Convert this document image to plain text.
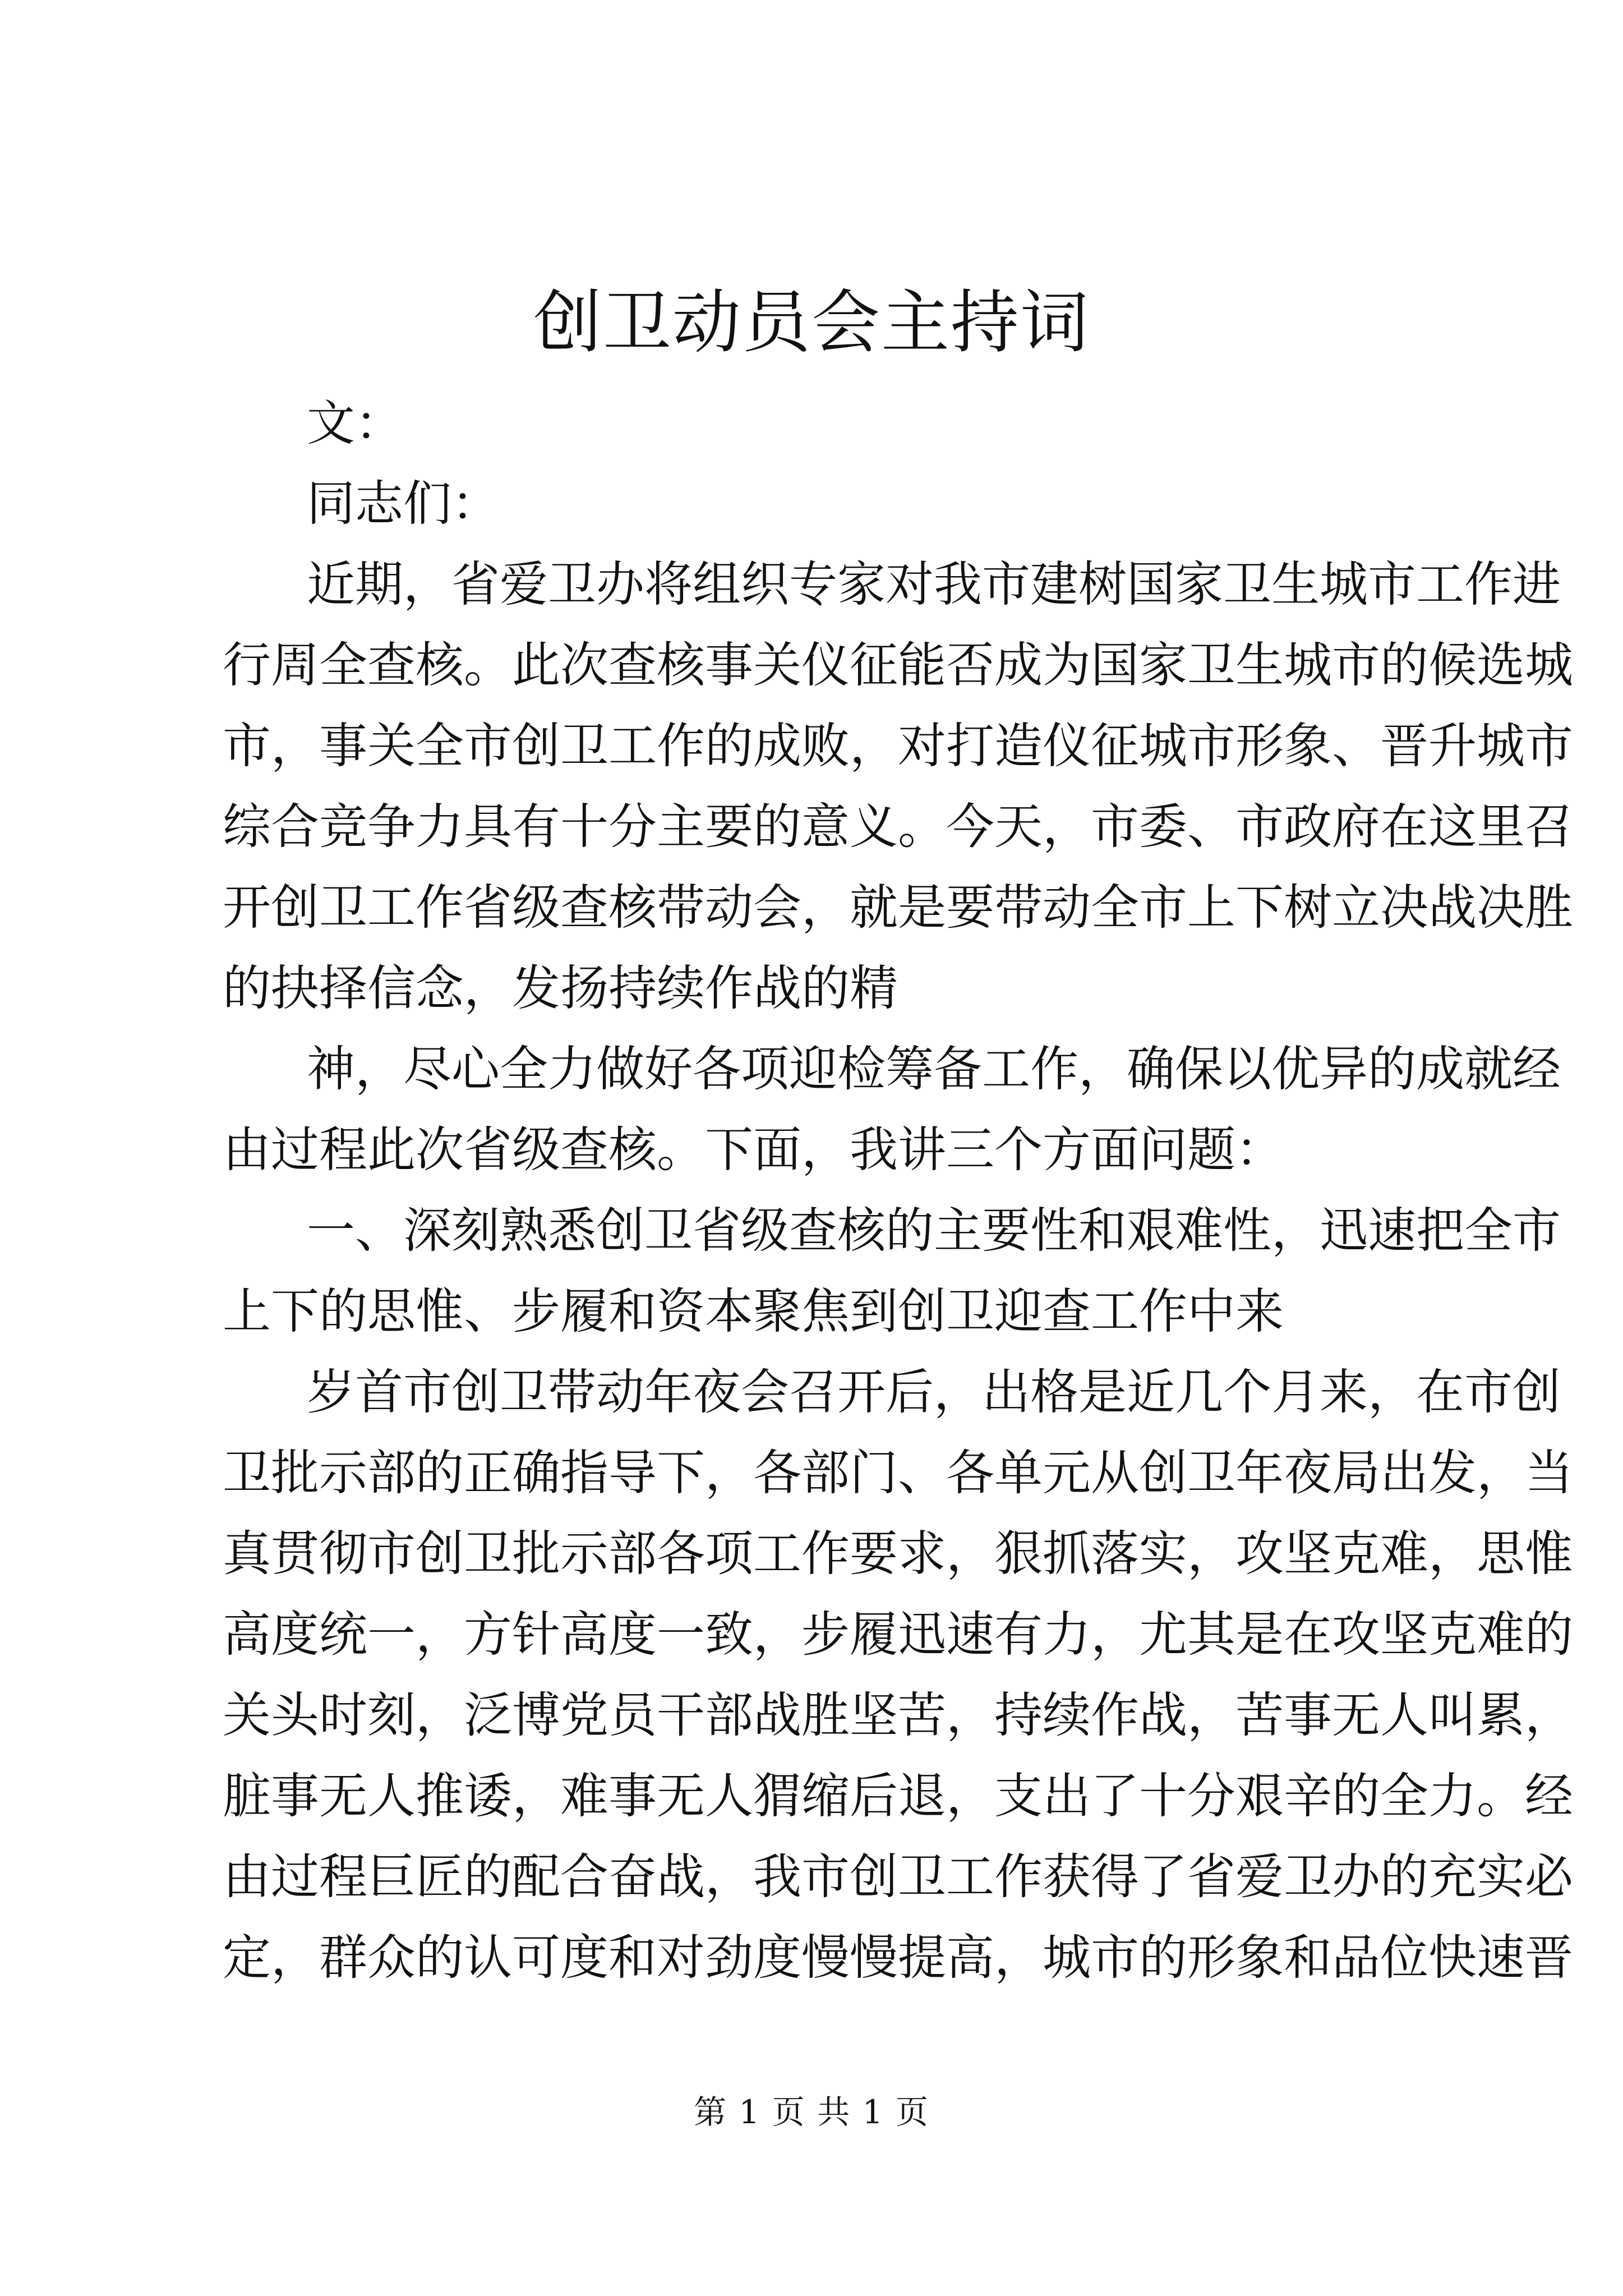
创卫动员会主持词
文：
同志们：
近期，省爱卫办将组织专家对我市建树国家卫生城市工作进
行周全查核。此次查核事关仪征能否成为国家卫生城市的候选城
市，事关全市创卫工作的成败，对打造仪征城市形象、晋升城市
综合竞争力具有十分主要的意义。今天，市委、市政府在这里召
开创卫工作省级查核带动会，就是要带动全市上下树立决战决胜
的抉择信念，发扬持续作战的精
神，尽心全力做好各项迎检筹备工作，确保以优异的成就经
由过程此次省级查核。下面，我讲三个方面问题：
一、深刻熟悉创卫省级查核的主要性和艰难性，迅速把全市
上下的思惟、步履和资本聚焦到创卫迎查工作中来
岁首市创卫带动年夜会召开后，出格是近几个月来，在市创
卫批示部的正确指导下，各部门、各单元从创卫年夜局出发，当
真贯彻市创卫批示部各项工作要求，狠抓落实，攻坚克难，思惟
高度统一，方针高度一致，步履迅速有力，尤其是在攻坚克难的
关头时刻，泛博党员干部战胜坚苦，持续作战，苦事无人叫累，
脏事无人推诿，难事无人猬缩后退，支出了十分艰辛的全力。经
由过程巨匠的配合奋战，我市创卫工作获得了省爱卫办的充实必
定，群众的认可度和对劲度慢慢提高，城市的形象和品位快速晋
第 1 页 共 1 页
